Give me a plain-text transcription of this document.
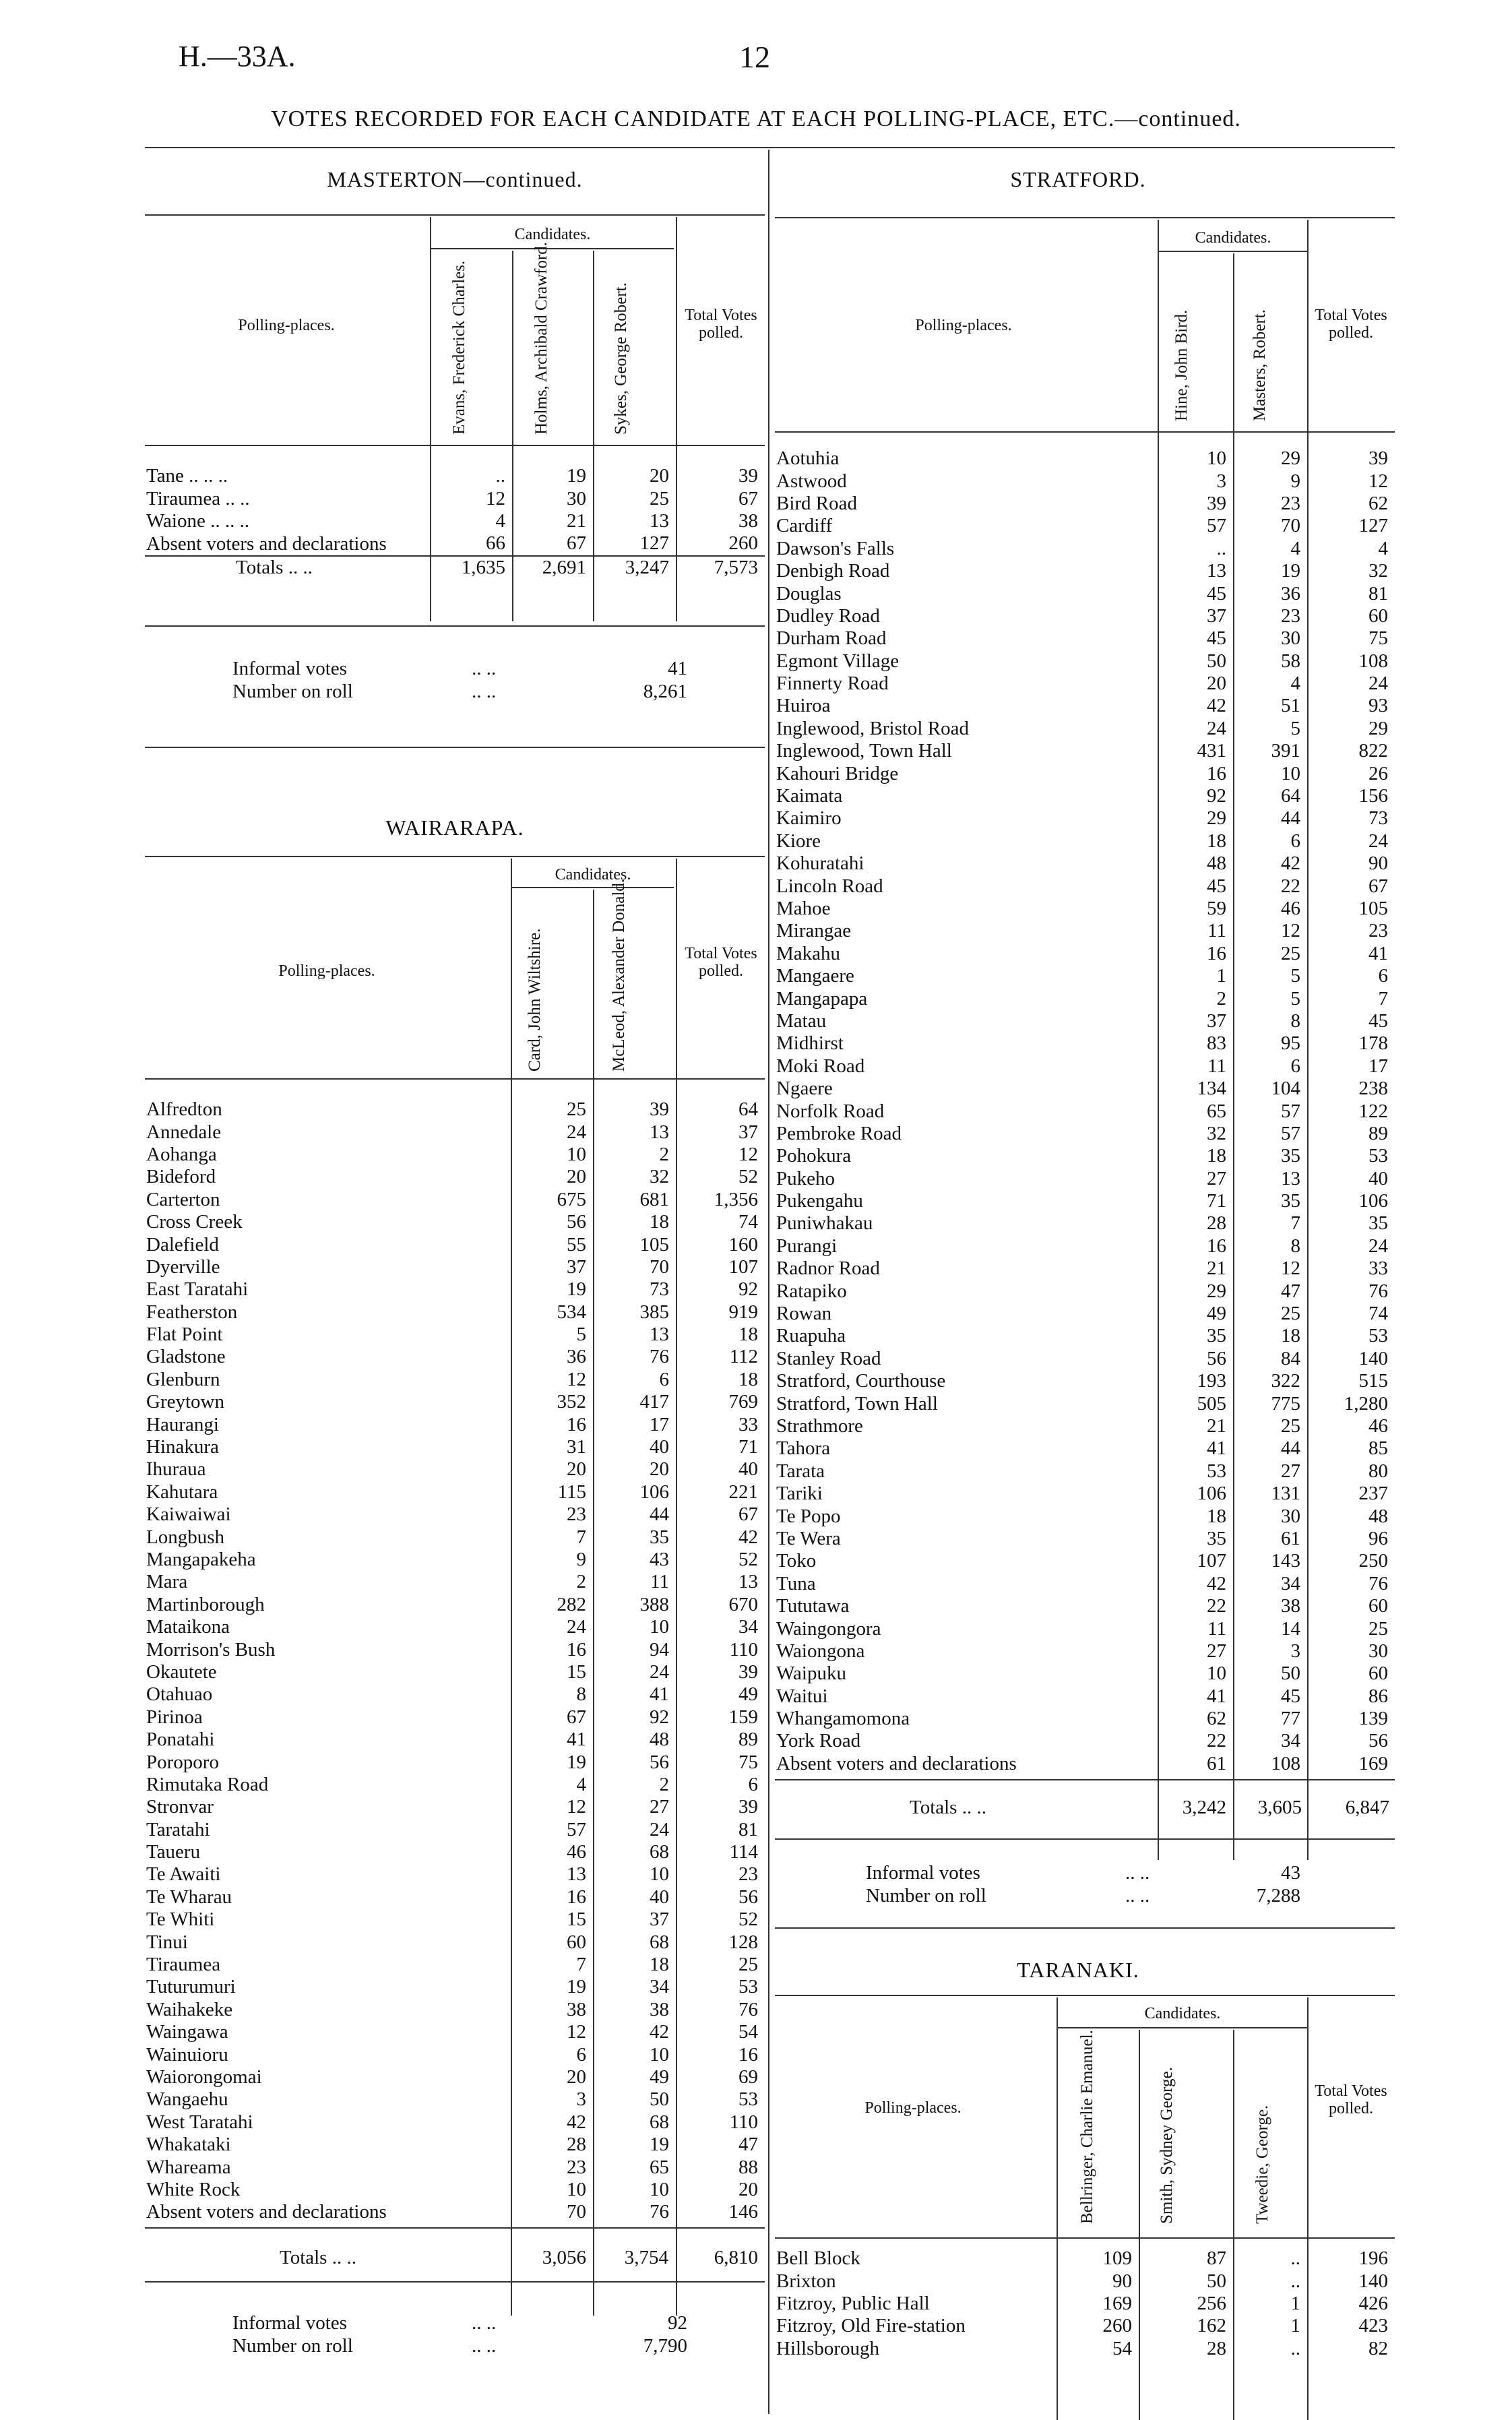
H.—33A.	12
VOTES RECORDED FOR EACH CANDIDATE AT EACH POLLING-PLACE, ETC.—continued.
MASTERTON—continued.
Polling-places.
Candidates.
Evans, Frederick Charles.	Holms, Archibald Crawford.	Sykes, George Robert.	Total Votes polled.
Tane .. .. ..	..	19	20	39
Tiraumea .. ..	12	30	25	67
Waione .. .. ..	4	21	13	38
Absent voters and declarations	66	67	127	260
Totals .. ..	1,635	2,691	3,247	7,573
Informal votes	.. ..	41
Number on roll	.. ..	8,261
WAIRARAPA.
Polling-places.
Candidates.
Card, John Wiltshire.	McLeod, Alexander Donald.	Total Votes polled.
Alfredton	25	39	64
Annedale	24	13	37
Aohanga	10	2	12
Bideford	20	32	52
Carterton	675	681	1,356
Cross Creek	56	18	74
Dalefield	55	105	160
Dyerville	37	70	107
East Taratahi	19	73	92
Featherston	534	385	919
Flat Point	5	13	18
Gladstone	36	76	112
Glenburn	12	6	18
Greytown	352	417	769
Haurangi	16	17	33
Hinakura	31	40	71
Ihuraua	20	20	40
Kahutara	115	106	221
Kaiwaiwai	23	44	67
Longbush	7	35	42
Mangapakeha	9	43	52
Mara	2	11	13
Martinborough	282	388	670
Mataikona	24	10	34
Morrison's Bush	16	94	110
Okautete	15	24	39
Otahuao	8	41	49
Pirinoa	67	92	159
Ponatahi	41	48	89
Poroporo	19	56	75
Rimutaka Road	4	2	6
Stronvar	12	27	39
Taratahi	57	24	81
Taueru	46	68	114
Te Awaiti	13	10	23
Te Wharau	16	40	56
Te Whiti	15	37	52
Tinui	60	68	128
Tiraumea	7	18	25
Tuturumuri	19	34	53
Waihakeke	38	38	76
Waingawa	12	42	54
Wainuioru	6	10	16
Waiorongomai	20	49	69
Wangaehu	3	50	53
West Taratahi	42	68	110
Whakataki	28	19	47
Whareama	23	65	88
White Rock	10	10	20
Absent voters and declarations	70	76	146
Totals .. ..	3,056	3,754	6,810
Informal votes	.. ..	92
Number on roll	.. ..	7,790
STRATFORD.
Polling-places.
Candidates.
Hine, John Bird.	Masters, Robert.	Total Votes polled.
Aotuhia	10	29	39
Astwood	3	9	12
Bird Road	39	23	62
Cardiff	57	70	127
Dawson's Falls	..	4	4
Denbigh Road	13	19	32
Douglas	45	36	81
Dudley Road	37	23	60
Durham Road	45	30	75
Egmont Village	50	58	108
Finnerty Road	20	4	24
Huiroa	42	51	93
Inglewood, Bristol Road	24	5	29
Inglewood, Town Hall	431	391	822
Kahouri Bridge	16	10	26
Kaimata	92	64	156
Kaimiro	29	44	73
Kiore	18	6	24
Kohuratahi	48	42	90
Lincoln Road	45	22	67
Mahoe	59	46	105
Mirangae	11	12	23
Makahu	16	25	41
Mangaere	1	5	6
Mangapapa	2	5	7
Matau	37	8	45
Midhirst	83	95	178
Moki Road	11	6	17
Ngaere	134	104	238
Norfolk Road	65	57	122
Pembroke Road	32	57	89
Pohokura	18	35	53
Pukeho	27	13	40
Pukengahu	71	35	106
Puniwhakau	28	7	35
Purangi	16	8	24
Radnor Road	21	12	33
Ratapiko	29	47	76
Rowan	49	25	74
Ruapuha	35	18	53
Stanley Road	56	84	140
Stratford, Courthouse	193	322	515
Stratford, Town Hall	505	775	1,280
Strathmore	21	25	46
Tahora	41	44	85
Tarata	53	27	80
Tariki	106	131	237
Te Popo	18	30	48
Te Wera	35	61	96
Toko	107	143	250
Tuna	42	34	76
Tututawa	22	38	60
Waingongora	11	14	25
Waiongona	27	3	30
Waipuku	10	50	60
Waitui	41	45	86
Whangamomona	62	77	139
York Road	22	34	56
Absent voters and declarations	61	108	169
Totals .. ..	3,242	3,605	6,847
Informal votes	.. ..	43
Number on roll	.. ..	7,288
TARANAKI.
Polling-places.
Candidates.
Bellringer, Charlie Emanuel.	Smith, Sydney George.	Tweedie, George.
Total Votes polled.
Bell Block	109	87	..	196
Brixton	90	50	..	140
Fitzroy, Public Hall	169	256	1	426
Fitzroy, Old Fire-station	260	162	1	423
Hillsborough	54	28	..	82
